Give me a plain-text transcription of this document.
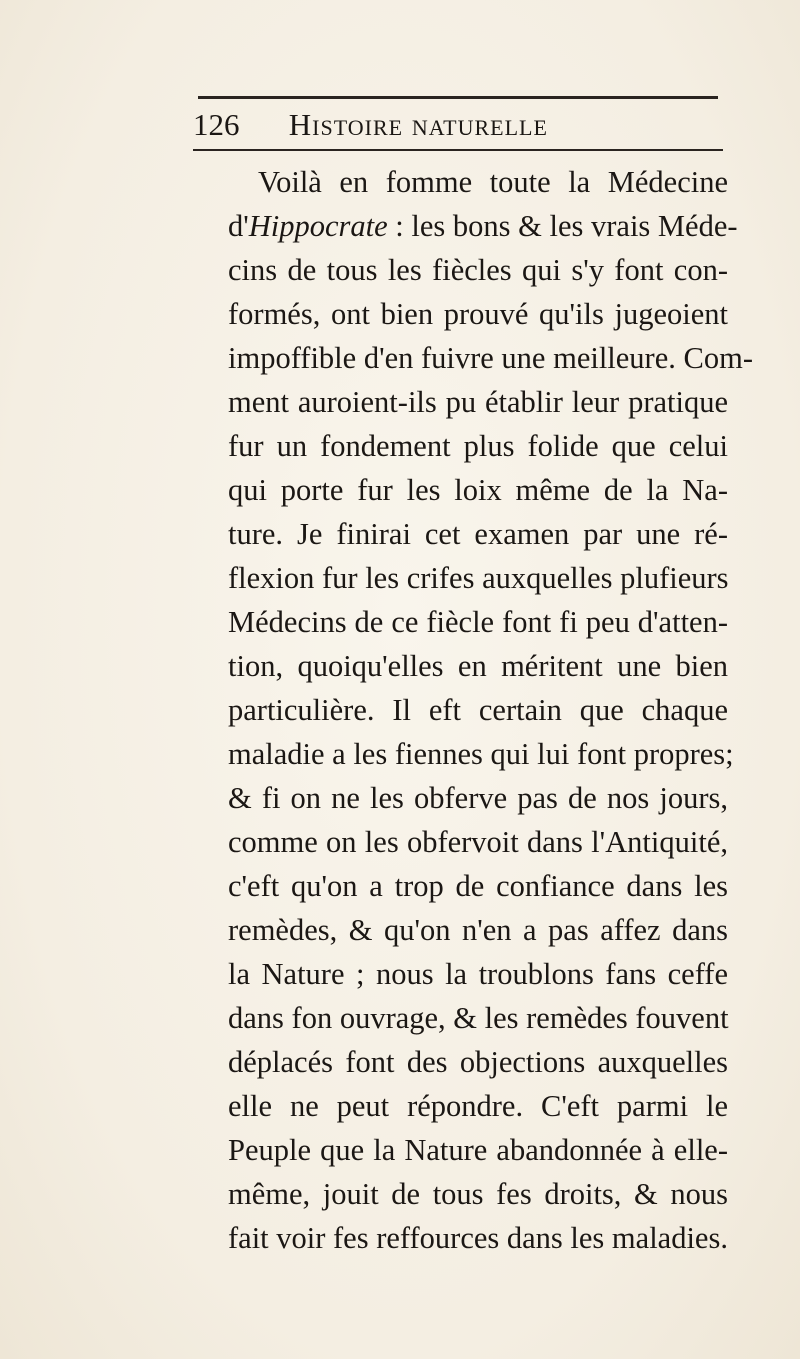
126 Histoire naturelle
Voilà en fomme toute la Médecine
d'Hippocrate : les bons & les vrais Méde-
cins de tous les fiècles qui s'y font con-
formés, ont bien prouvé qu'ils jugeoient
impoffible d'en fuivre une meilleure. Com-
ment auroient-ils pu établir leur pratique
fur un fondement plus folide que celui
qui porte fur les loix même de la Na-
ture. Je finirai cet examen par une ré-
flexion fur les crifes auxquelles plufieurs
Médecins de ce fiècle font fi peu d'atten-
tion, quoiqu'elles en méritent une bien
particulière. Il eft certain que chaque
maladie a les fiennes qui lui font propres;
& fi on ne les obferve pas de nos jours,
comme on les obfervoit dans l'Antiquité,
c'eft qu'on a trop de confiance dans les
remèdes, & qu'on n'en a pas affez dans
la Nature ; nous la troublons fans ceffe
dans fon ouvrage, & les remèdes fouvent
déplacés font des objections auxquelles
elle ne peut répondre. C'eft parmi le
Peuple que la Nature abandonnée à elle-
même, jouit de tous fes droits, & nous
fait voir fes reffources dans les maladies.
